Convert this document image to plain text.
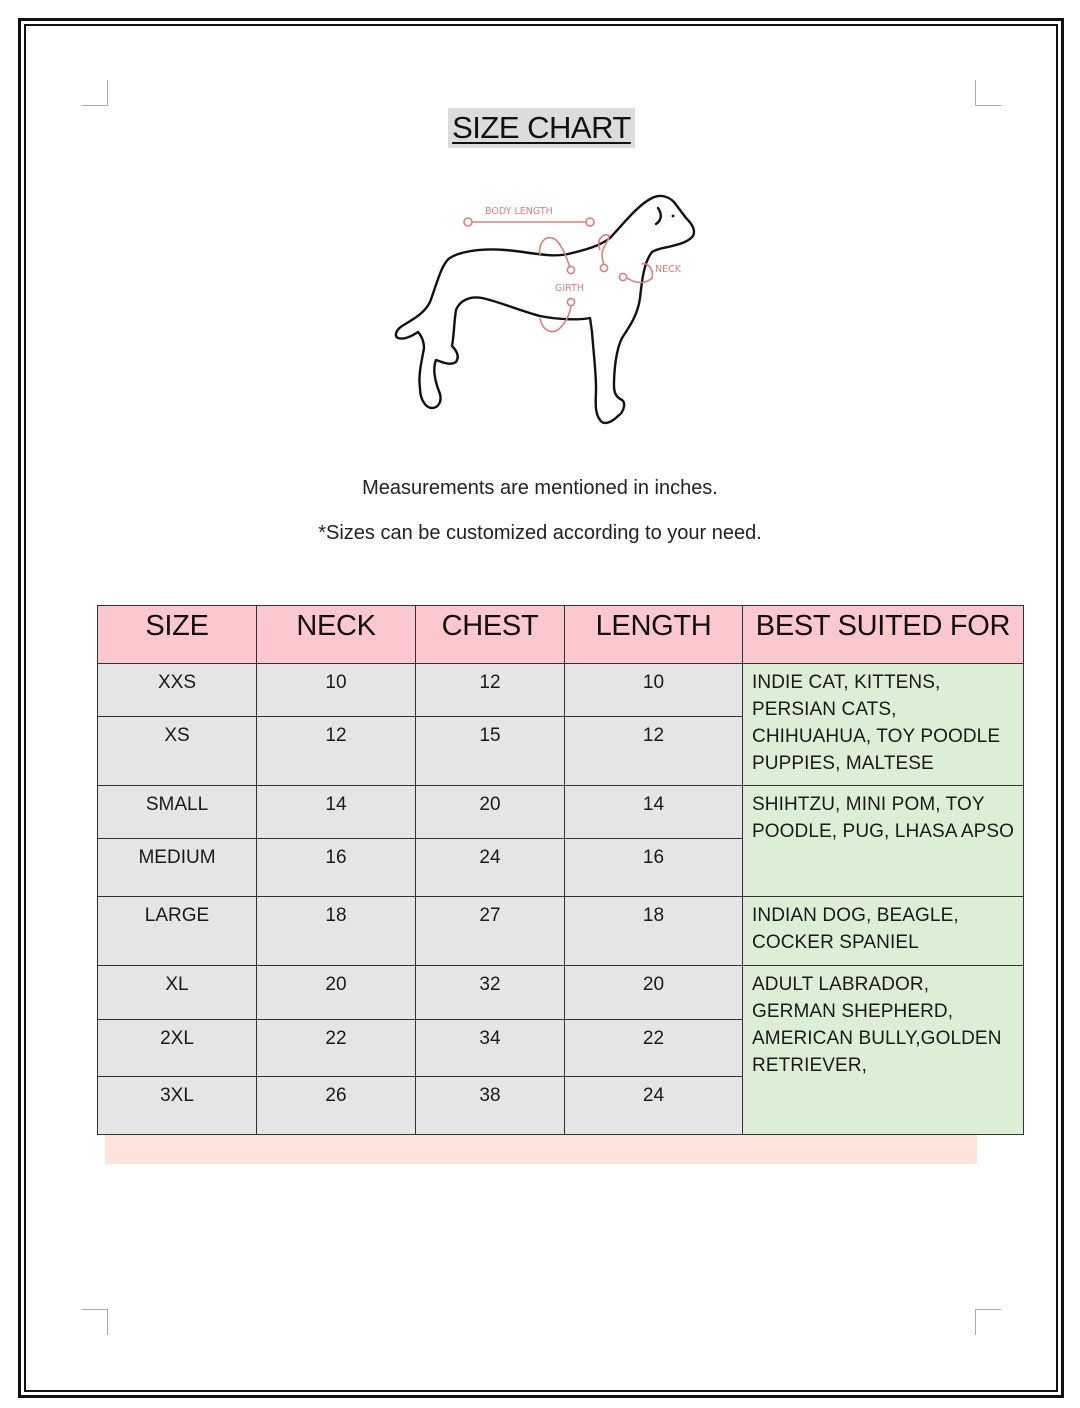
SIZE CHART
BODY LENGTH
GIRTH
NECK
Measurements are mentioned in inches.
*Sizes can be customized according to your need.
SIZE	NECK	CHEST	LENGTH	BEST SUITED FOR
XXS	10	12	10	INDIE CAT, KITTENS, PERSIAN CATS, CHIHUAHUA, TOY POODLE PUPPIES, MALTESE
XS	12	15	12	
SMALL	14	20	14	SHIHTZU, MINI POM, TOY POODLE, PUG, LHASA APSO
MEDIUM	16	24	16	
LARGE	18	27	18	INDIAN DOG, BEAGLE, COCKER SPANIEL
XL	20	32	20	ADULT LABRADOR, GERMAN SHEPHERD, AMERICAN BULLY,GOLDEN RETRIEVER,
2XL	22	34	22	
3XL	26	38	24	
